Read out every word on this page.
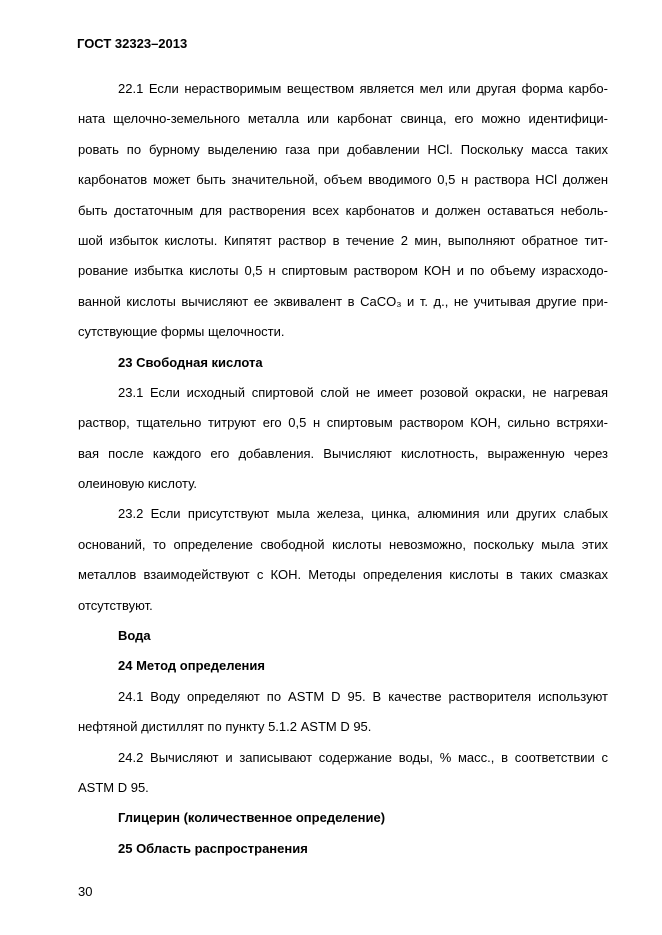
ГОСТ 32323–2013
22.1 Если нерастворимым веществом является мел или другая форма карбо-
ната щелочно-земельного металла или карбонат свинца, его можно идентифици-
ровать по бурному выделению газа при добавлении HCl. Поскольку масса таких
карбонатов может быть значительной, объем вводимого 0,5 н раствора HCl должен
быть достаточным для растворения всех карбонатов и должен оставаться неболь-
шой избыток кислоты. Кипятят раствор в течение 2 мин, выполняют обратное тит-
рование избытка кислоты 0,5 н спиртовым раствором КОН и по объему израсходо-
ванной кислоты вычисляют ее эквивалент в CaCO₃ и т. д., не учитывая другие при-
сутствующие формы щелочности.
23 Свободная кислота
23.1 Если исходный спиртовой слой не имеет розовой окраски, не нагревая
раствор, тщательно титруют его 0,5 н спиртовым раствором КОН, сильно встряхи-
вая после каждого его добавления. Вычисляют кислотность, выраженную через
олеиновую кислоту.
23.2 Если присутствуют мыла железа, цинка, алюминия или других слабых
оснований, то определение свободной кислоты невозможно, поскольку мыла этих
металлов взаимодействуют с КОН. Методы определения кислоты в таких смазках
отсутствуют.
Вода
24 Метод определения
24.1 Воду определяют по ASTM D 95. В качестве растворителя используют
нефтяной дистиллят по пункту 5.1.2 ASTM D 95.
24.2 Вычисляют и записывают содержание воды, % масс., в соответствии с
ASTM D 95.
Глицерин (количественное определение)
25 Область распространения
30
